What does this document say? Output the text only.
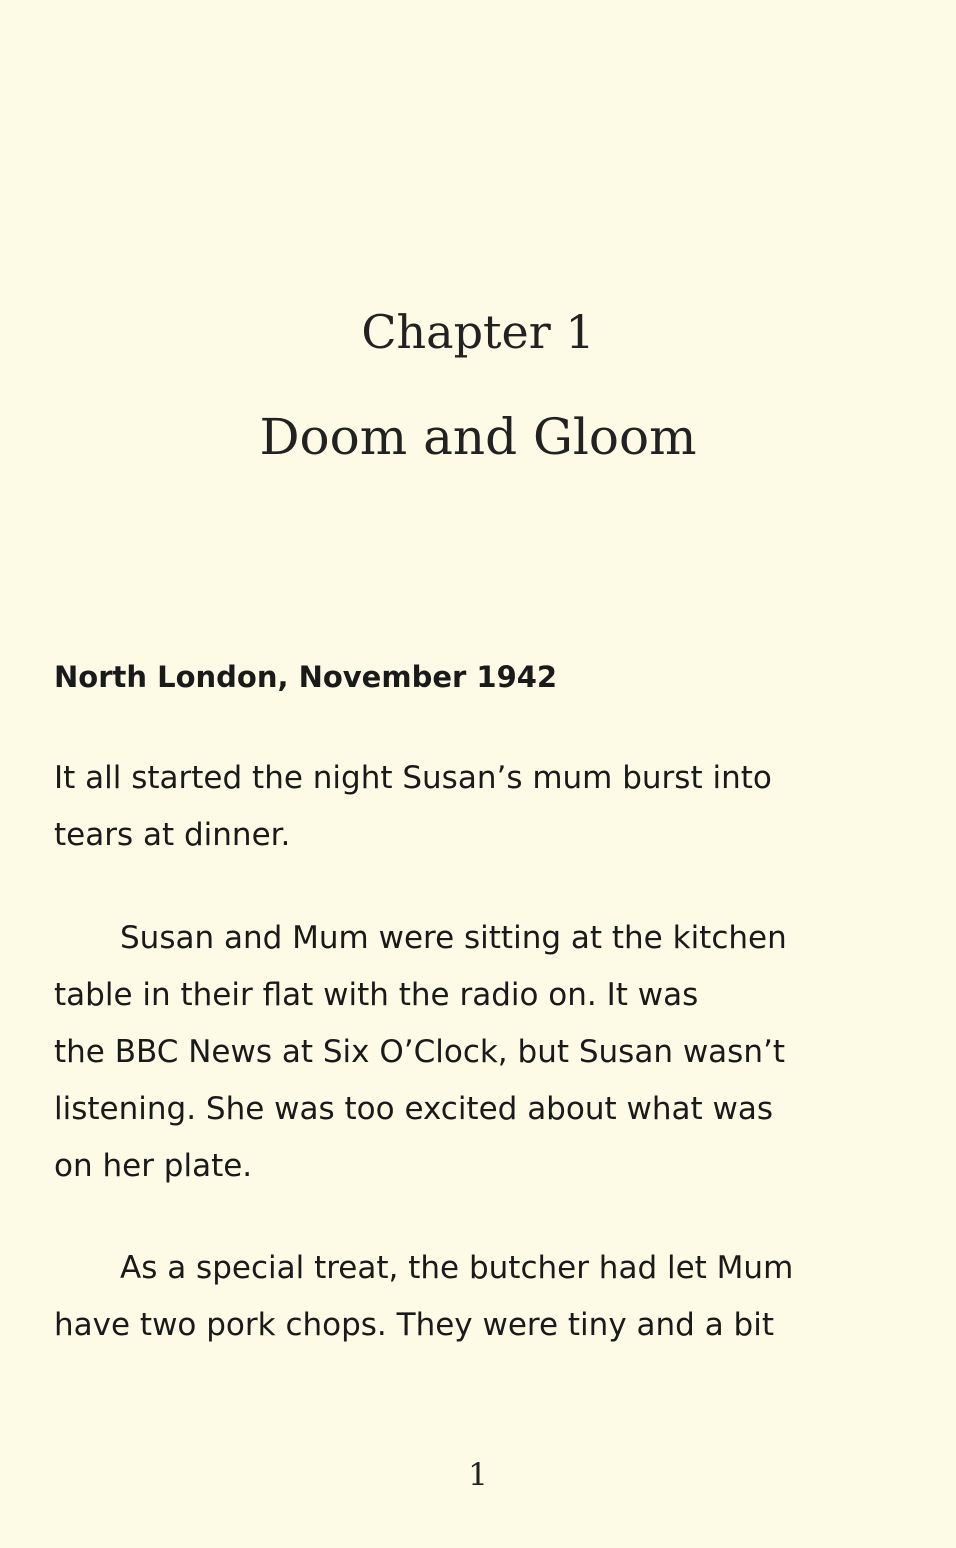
Chapter 1
Doom and Gloom
North London, November 1942
It all started the night Susan’s mum burst into
tears at dinner.
Susan and Mum were sitting at the kitchen
table in their flat with the radio on. It was
the BBC News at Six O’Clock, but Susan wasn’t
listening. She was too excited about what was
on her plate.
As a special treat, the butcher had let Mum
have two pork chops. They were tiny and a bit
1
